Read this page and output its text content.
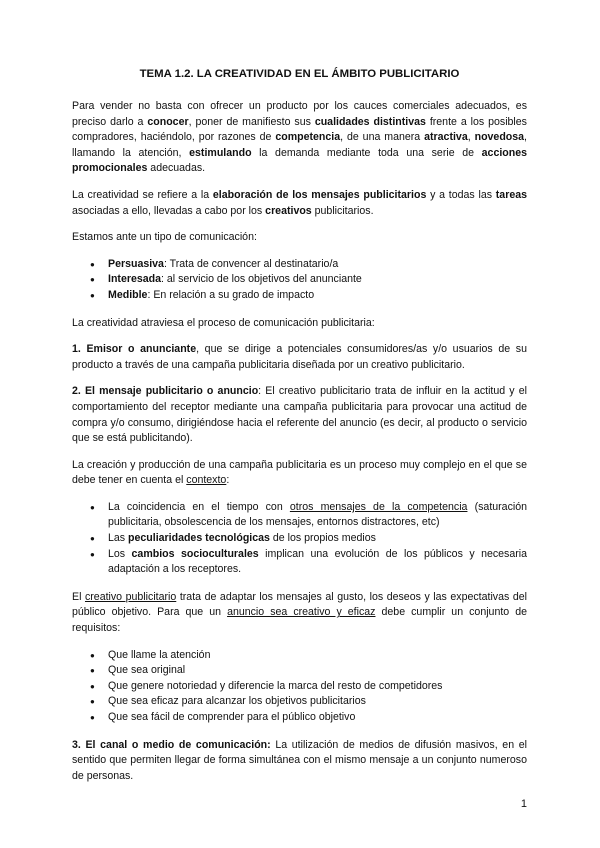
TEMA 1.2. LA CREATIVIDAD EN EL ÁMBITO PUBLICITARIO

Para vender no basta con ofrecer un producto por los cauces comerciales adecuados, es preciso darlo a conocer, poner de manifiesto sus cualidades distintivas frente a los posibles compradores, haciéndolo, por razones de competencia, de una manera atractiva, novedosa, llamando la atención, estimulando la demanda mediante toda una serie de acciones promocionales adecuadas.

La creatividad se refiere a la elaboración de los mensajes publicitarios y a todas las tareas asociadas a ello, llevadas a cabo por los creativos publicitarios.

Estamos ante un tipo de comunicación:

● Persuasiva: Trata de convencer al destinatario/a
● Interesada: al servicio de los objetivos del anunciante
● Medible: En relación a su grado de impacto

La creatividad atraviesa el proceso de comunicación publicitaria:

1. Emisor o anunciante, que se dirige a potenciales consumidores/as y/o usuarios de su producto a través de una campaña publicitaria diseñada por un creativo publicitario.

2. El mensaje publicitario o anuncio: El creativo publicitario trata de influir en la actitud y el comportamiento del receptor mediante una campaña publicitaria para provocar una actitud de compra y/o consumo, dirigiéndose hacia el referente del anuncio (es decir, al producto o servicio que se está publicitando).

La creación y producción de una campaña publicitaria es un proceso muy complejo en el que se debe tener en cuenta el contexto:

● La coincidencia en el tiempo con otros mensajes de la competencia (saturación publicitaria, obsolescencia de los mensajes, entornos distractores, etc)
● Las peculiaridades tecnológicas de los propios medios
● Los cambios socioculturales implican una evolución de los públicos y necesaria adaptación a los receptores.

El creativo publicitario trata de adaptar los mensajes al gusto, los deseos y las expectativas del público objetivo. Para que un anuncio sea creativo y eficaz debe cumplir un conjunto de requisitos:

● Que llame la atención
● Que sea original
● Que genere notoriedad y diferencie la marca del resto de competidores
● Que sea eficaz para alcanzar los objetivos publicitarios
● Que sea fácil de comprender para el público objetivo

3. El canal o medio de comunicación: La utilización de medios de difusión masivos, en el sentido que permiten llegar de forma simultánea con el mismo mensaje a un conjunto numeroso de personas.

1
